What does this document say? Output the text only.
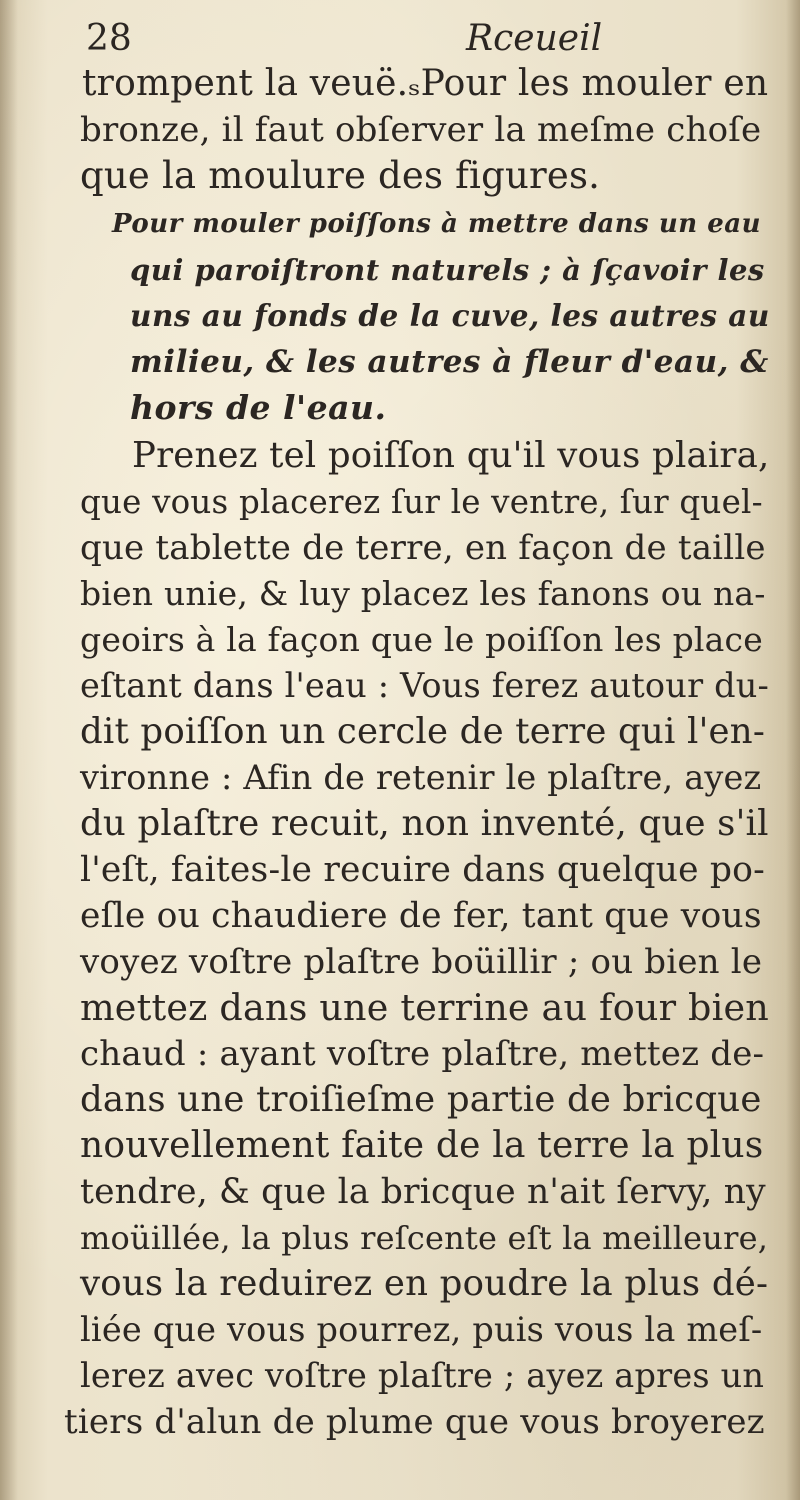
28	Rceueil
trompent la veuë.ₛPour les mouler en
bronze, il faut obſerver la meſme choſe
que la moulure des figures.
Pour mouler poiſſons à mettre dans un eau
qui paroiſtront naturels ; à ſçavoir les
uns au fonds de la cuve, les autres au
milieu, & les autres à fleur d'eau, &
hors de l'eau.
Prenez tel poiſſon qu'il vous plaira,
que vous placerez ſur le ventre, ſur quel-
que tablette de terre, en façon de taille
bien unie, & luy placez les fanons ou na-
geoirs à la façon que le poiſſon les place
eſtant dans l'eau : Vous ferez autour du-
dit poiſſon un cercle de terre qui l'en-
vironne : Afin de retenir le plaſtre, ayez
du plaſtre recuit, non inventé, que s'il
l'eſt, faites-le recuire dans quelque po-
eſle ou chaudiere de fer, tant que vous
voyez voſtre plaſtre boüillir ; ou bien le
mettez dans une terrine au four bien
chaud : ayant voſtre plaſtre, mettez de-
dans une troiſieſme partie de bricque
nouvellement faite de la terre la plus
tendre, & que la bricque n'ait ſervy, ny
moüillée, la plus reſcente eſt la meilleure,
vous la reduirez en poudre la plus dé-
liée que vous pourrez, puis vous la meſ-
lerez avec voſtre plaſtre ; ayez apres un
tiers d'alun de plume que vous broyerez
